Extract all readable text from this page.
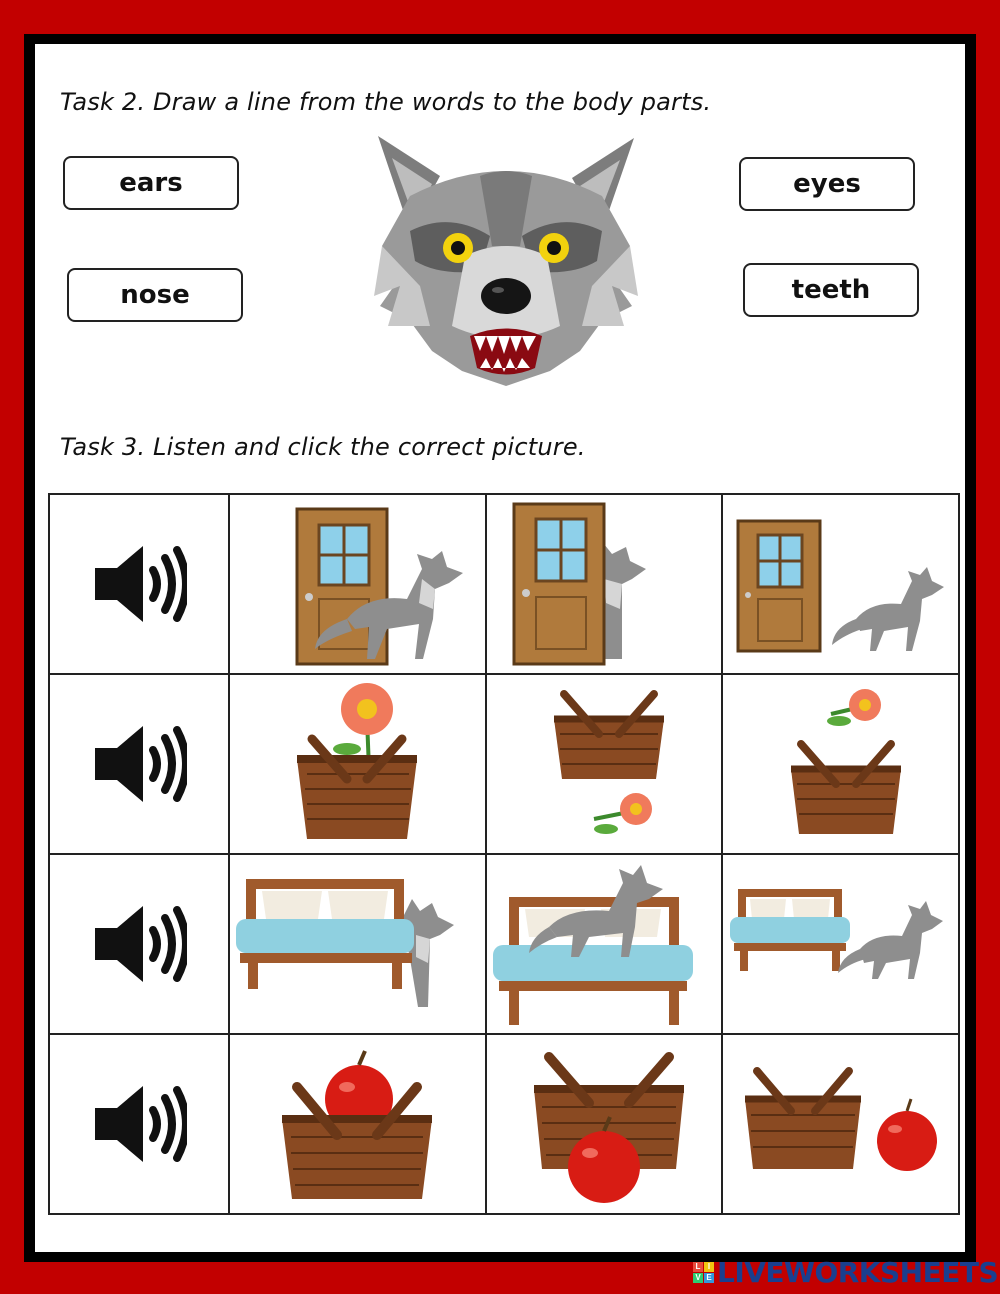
Task 2. Draw a line from the words to the body parts.
ears
nose
eyes
teeth
Task 3. Listen and click the correct picture.

L I
V E LIVEWORKSHEETS
